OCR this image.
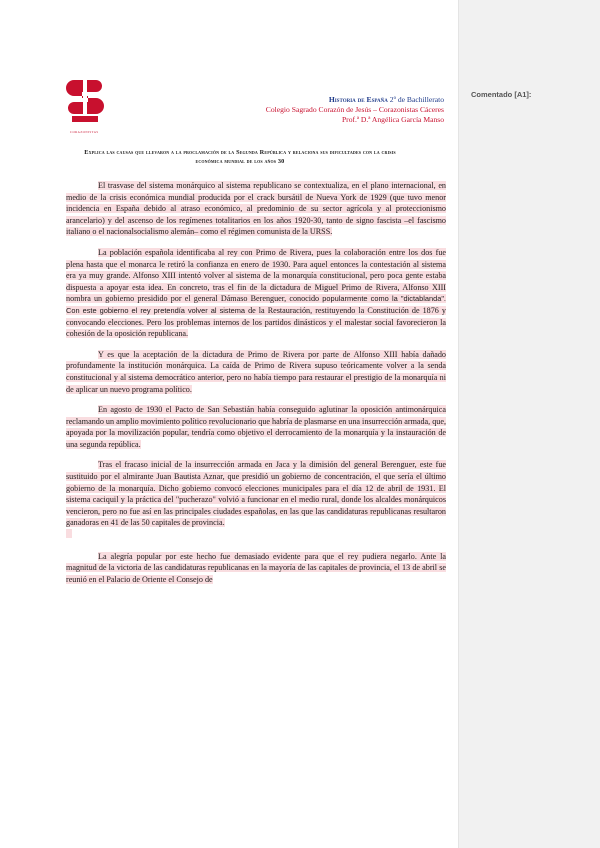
CORAZONISTAS
Historia de España 2º de Bachillerato
Colegio Sagrado Corazón de Jesús – Corazonistas Cáceres
Prof.ª D.ª Angélica García Manso
Explica las causas que llevaron a la proclamación de la Segunda República y relaciona sus dificultades con la crisis económica mundial de los años 30

El trasvase del sistema monárquico al sistema republicano se contextualiza, en el plano internacional, en medio de la crisis económica mundial producida por el crack bursátil de Nueva York de 1929 (que tuvo menor incidencia en España debido al atraso económico, al predominio de su sector agrícola y al proteccionismo arancelario) y del ascenso de los regímenes totalitarios en los años 1920-30, tanto de signo fascista –el fascismo italiano o el nacionalsocialismo alemán– como el régimen comunista de la URSS.

La población española identificaba al rey con Primo de Rivera, pues la colaboración entre los dos fue plena hasta que el monarca le retiró la confianza en enero de 1930. Para aquel entonces la contestación al sistema era ya muy grande. Alfonso XIII intentó volver al sistema de la monarquía constitucional, pero poca gente estaba dispuesta a apoyar esta idea. En concreto, tras el fin de la dictadura de Miguel Primo de Rivera, Alfonso XIII nombra un gobierno presidido por el general Dámaso Berenguer, conocido popularmente como la "dictablanda". Con este gobierno el rey pretendía volver al sistema de la Restauración, restituyendo la Constitución de 1876 y convocando elecciones. Pero los problemas internos de los partidos dinásticos y el malestar social favorecieron la cohesión de la oposición republicana.

Y es que la aceptación de la dictadura de Primo de Rivera por parte de Alfonso XIII había dañado profundamente la institución monárquica. La caída de Primo de Rivera supuso teóricamente volver a la senda constitucional y al sistema democrático anterior, pero no había tiempo para restaurar el prestigio de la monarquía ni de aplicar un nuevo programa político.

En agosto de 1930 el Pacto de San Sebastián había conseguido aglutinar la oposición antimonárquica reclamando un amplio movimiento político revolucionario que habría de plasmarse en una insurrección armada, que, apoyada por la movilización popular, tendría como objetivo el derrocamiento de la monarquía y la instauración de una segunda república.

Tras el fracaso inicial de la insurrección armada en Jaca y la dimisión del general Berenguer, este fue sustituido por el almirante Juan Bautista Aznar, que presidió un gobierno de concentración, el que sería el último gobierno de la monarquía. Dicho gobierno convocó elecciones municipales para el día 12 de abril de 1931. El sistema caciquil y la práctica del "pucherazo" volvió a funcionar en el medio rural, donde los alcaldes monárquicos vencieron, pero no fue así en las principales ciudades españolas, en las que las candidaturas republicanas resultaron ganadoras en 41 de las 50 capitales de provincia.

La alegría popular por este hecho fue demasiado evidente para que el rey pudiera negarlo. Ante la magnitud de la victoria de las candidaturas republicanas en la mayoría de las capitales de provincia, el 13 de abril se reunió en el Palacio de Oriente el Consejo de

Comentado [A1]:
